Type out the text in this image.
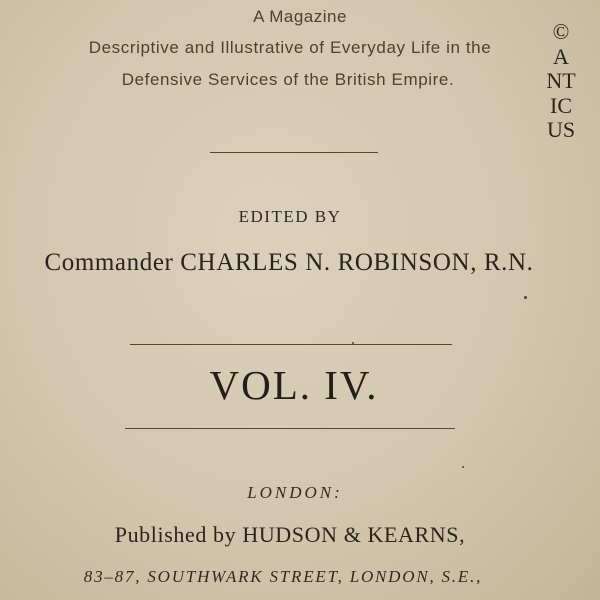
A Magazine
Descriptive and Illustrative of Everyday Life in the
Defensive Services of the British Empire.
EDITED BY
Commander CHARLES N. ROBINSON, R.N.
VOL. IV.
LONDON:
Published by HUDSON & KEARNS,
83–87, SOUTHWARK STREET, LONDON, S.E.,
©
ANTICUS
